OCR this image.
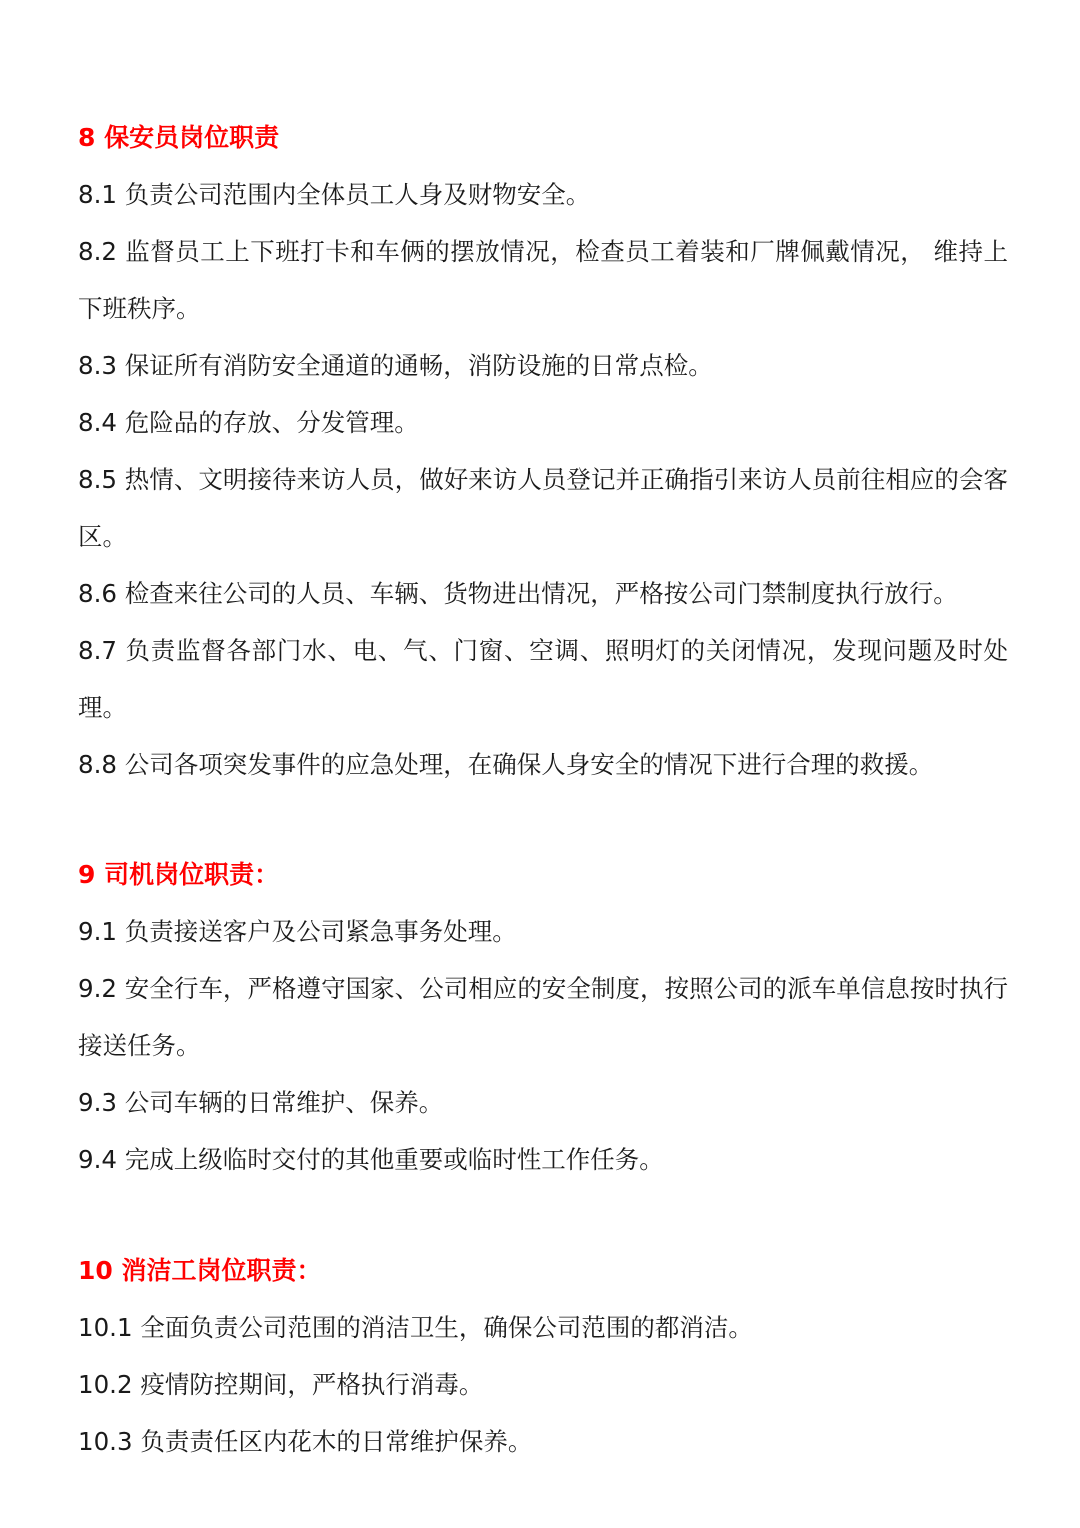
8 保安员岗位职责

8.1 负责公司范围内全体员工人身及财物安全。

8.2 监督员工上下班打卡和车俩的摆放情况，检查员工着装和厂牌佩戴情况， 维持上下班秩序。

8.3 保证所有消防安全通道的通畅，消防设施的日常点检。

8.4 危险品的存放、分发管理。

8.5 热情、文明接待来访人员，做好来访人员登记并正确指引来访人员前往相应的会客区。

8.6 检查来往公司的人员、车辆、货物进出情况，严格按公司门禁制度执行放行。

8.7 负责监督各部门水、电、气、门窗、空调、照明灯的关闭情况，发现问题及时处理。

8.8 公司各项突发事件的应急处理，在确保人身安全的情况下进行合理的救援。

9 司机岗位职责：

9.1 负责接送客户及公司紧急事务处理。

9.2 安全行车，严格遵守国家、公司相应的安全制度，按照公司的派车单信息按时执行接送任务。

9.3 公司车辆的日常维护、保养。

9.4 完成上级临时交付的其他重要或临时性工作任务。

10 消洁工岗位职责：

10.1 全面负责公司范围的消洁卫生，确保公司范围的都消洁。

10.2 疫情防控期间，严格执行消毒。

10.3 负责责任区内花木的日常维护保养。
